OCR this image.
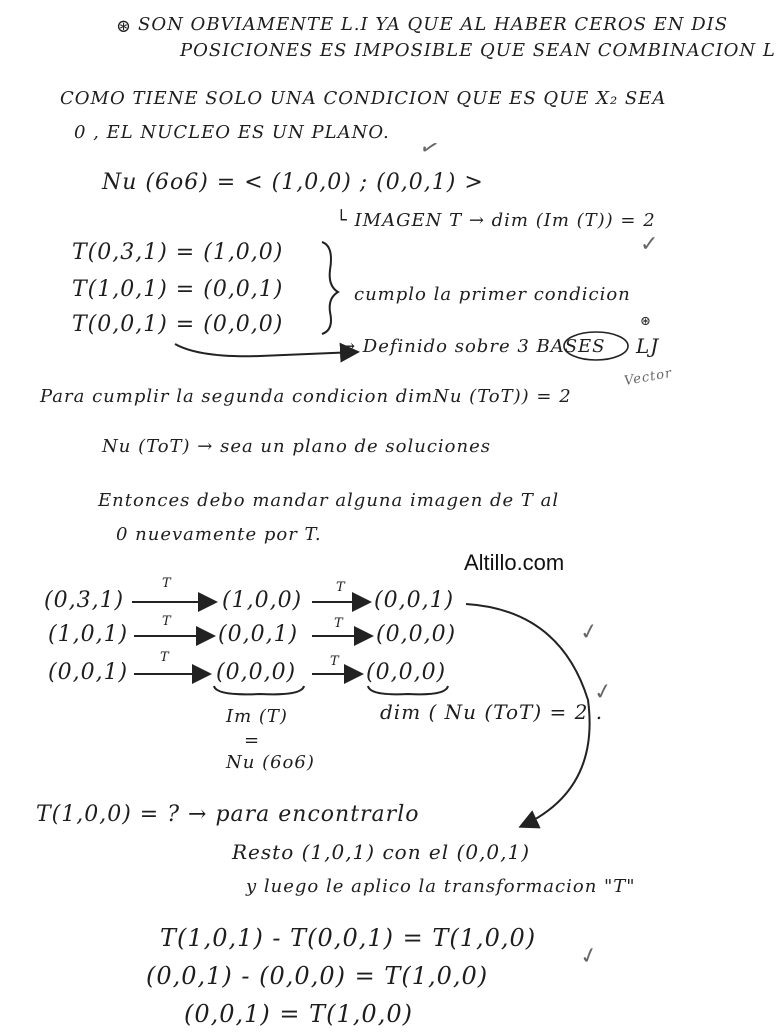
⊛ SON OBVIAMENTE L.I YA QUE AL HABER CEROS EN DIS
POSICIONES ES IMPOSIBLE QUE SEAN COMBINACION L
COMO TIENE SOLO UNA CONDICION QUE ES QUE X₂ SEA
0 , EL NUCLEO ES UN PLANO.
✓
Nu (6o6) = < (1,0,0) ; (0,0,1) >
└ IMAGEN T → dim (Im (T)) = 2
✓
T(0,3,1) = (1,0,0)
T(1,0,1) = (0,0,1)
T(0,0,1) = (0,0,0)
cumplo la primer condicion
→ Definido sobre 3 BASES
⊛
LJ
Vector
Para cumplir la segunda condicion dimNu (ToT)) = 2
Nu (ToT) → sea un plano de soluciones
Entonces debo mandar alguna imagen de T al
0 nuevamente por T.
Altillo.com
(0,3,1)	(1,0,0)	(0,0,1)
(1,0,1)	(0,0,1)	(0,0,0)
(0,0,1)	(0,0,0)	(0,0,0)
T	T
T	T
T	T
Im (T)
=
Nu (6o6)
dim ( Nu (ToT) = 2 .
✓
✓
T(1,0,0) = ? → para encontrarlo
Resto (1,0,1) con el (0,0,1)
y luego le aplico la transformacion "T"
T(1,0,1) - T(0,0,1) = T(1,0,0)
(0,0,1) - (0,0,0) = T(1,0,0)
(0,0,1) = T(1,0,0)
✓
